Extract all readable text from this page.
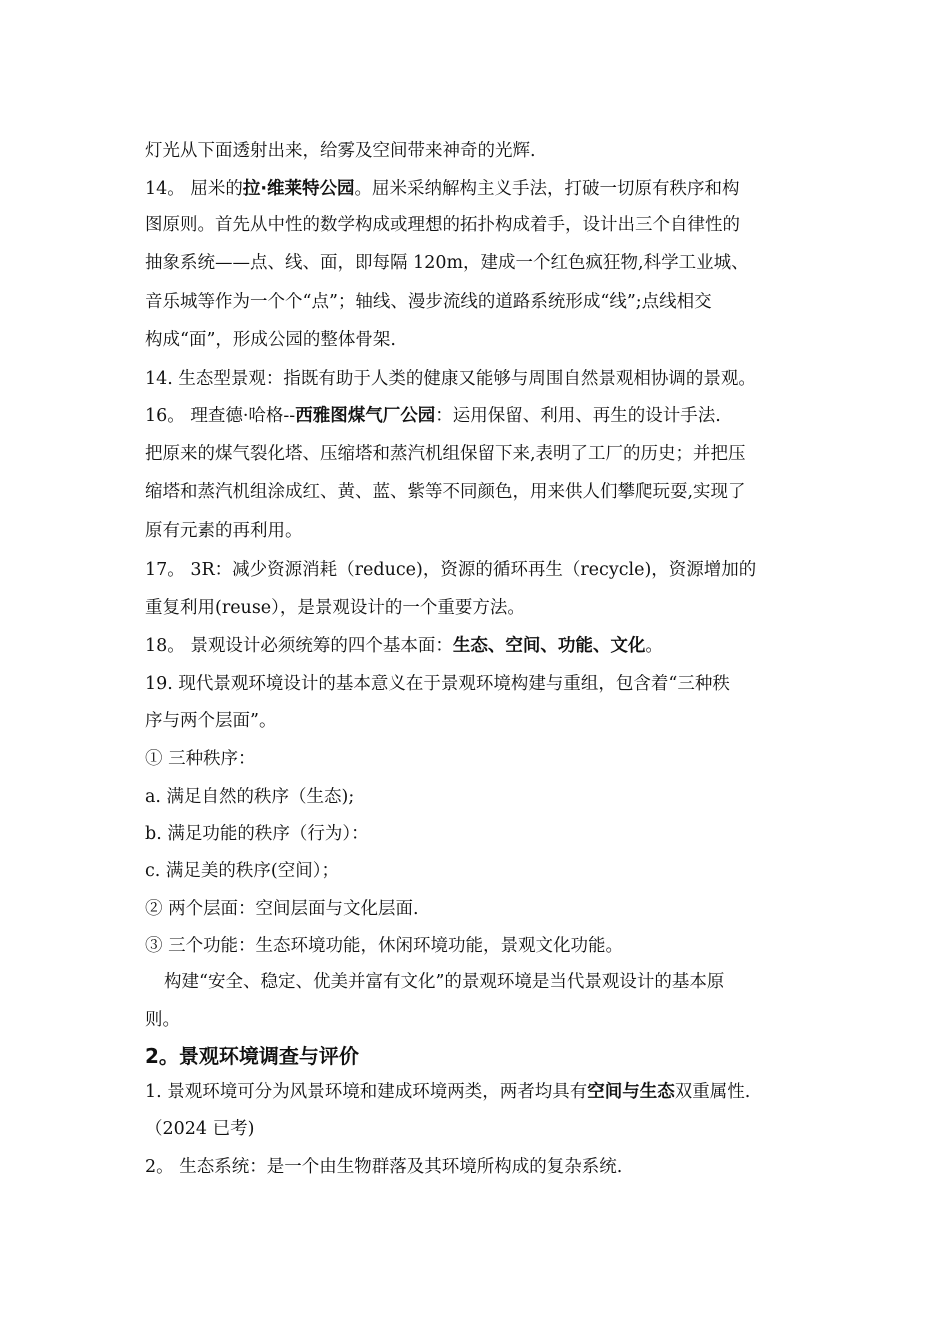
灯光从下面透射出来，给雾及空间带来神奇的光辉.
14。 屈米的拉·维莱特公园。屈米采纳解构主义手法，打破一切原有秩序和构
图原则。首先从中性的数学构成或理想的拓扑构成着手，设计出三个自律性的
抽象系统——点、线、面，即每隔 120m，建成一个红色疯狂物,科学工业城、
音乐城等作为一个个“点”；轴线、漫步流线的道路系统形成“线”;点线相交
构成“面”，形成公园的整体骨架.
14. 生态型景观：指既有助于人类的健康又能够与周围自然景观相协调的景观。
16。 理查德·哈格--西雅图煤气厂公园：运用保留、利用、再生的设计手法.
把原来的煤气裂化塔、压缩塔和蒸汽机组保留下来,表明了工厂的历史；并把压
缩塔和蒸汽机组涂成红、黄、蓝、紫等不同颜色，用来供人们攀爬玩耍,实现了
原有元素的再利用。
17。 3R：减少资源消耗（reduce)，资源的循环再生（recycle)，资源增加的
重复利用(reuse），是景观设计的一个重要方法。
18。 景观设计必须统筹的四个基本面：生态、空间、功能、文化。
19. 现代景观环境设计的基本意义在于景观环境构建与重组，包含着“三种秩
序与两个层面”。
① 三种秩序：
a. 满足自然的秩序（生态);
b. 满足功能的秩序（行为）：
c. 满足美的秩序(空间）；
② 两个层面：空间层面与文化层面.
③ 三个功能：生态环境功能，休闲环境功能，景观文化功能。
构建“安全、稳定、优美并富有文化”的景观环境是当代景观设计的基本原
则。
2。景观环境调查与评价
1. 景观环境可分为风景环境和建成环境两类，两者均具有空间与生态双重属性.
（2024 已考)
2。 生态系统：是一个由生物群落及其环境所构成的复杂系统.
